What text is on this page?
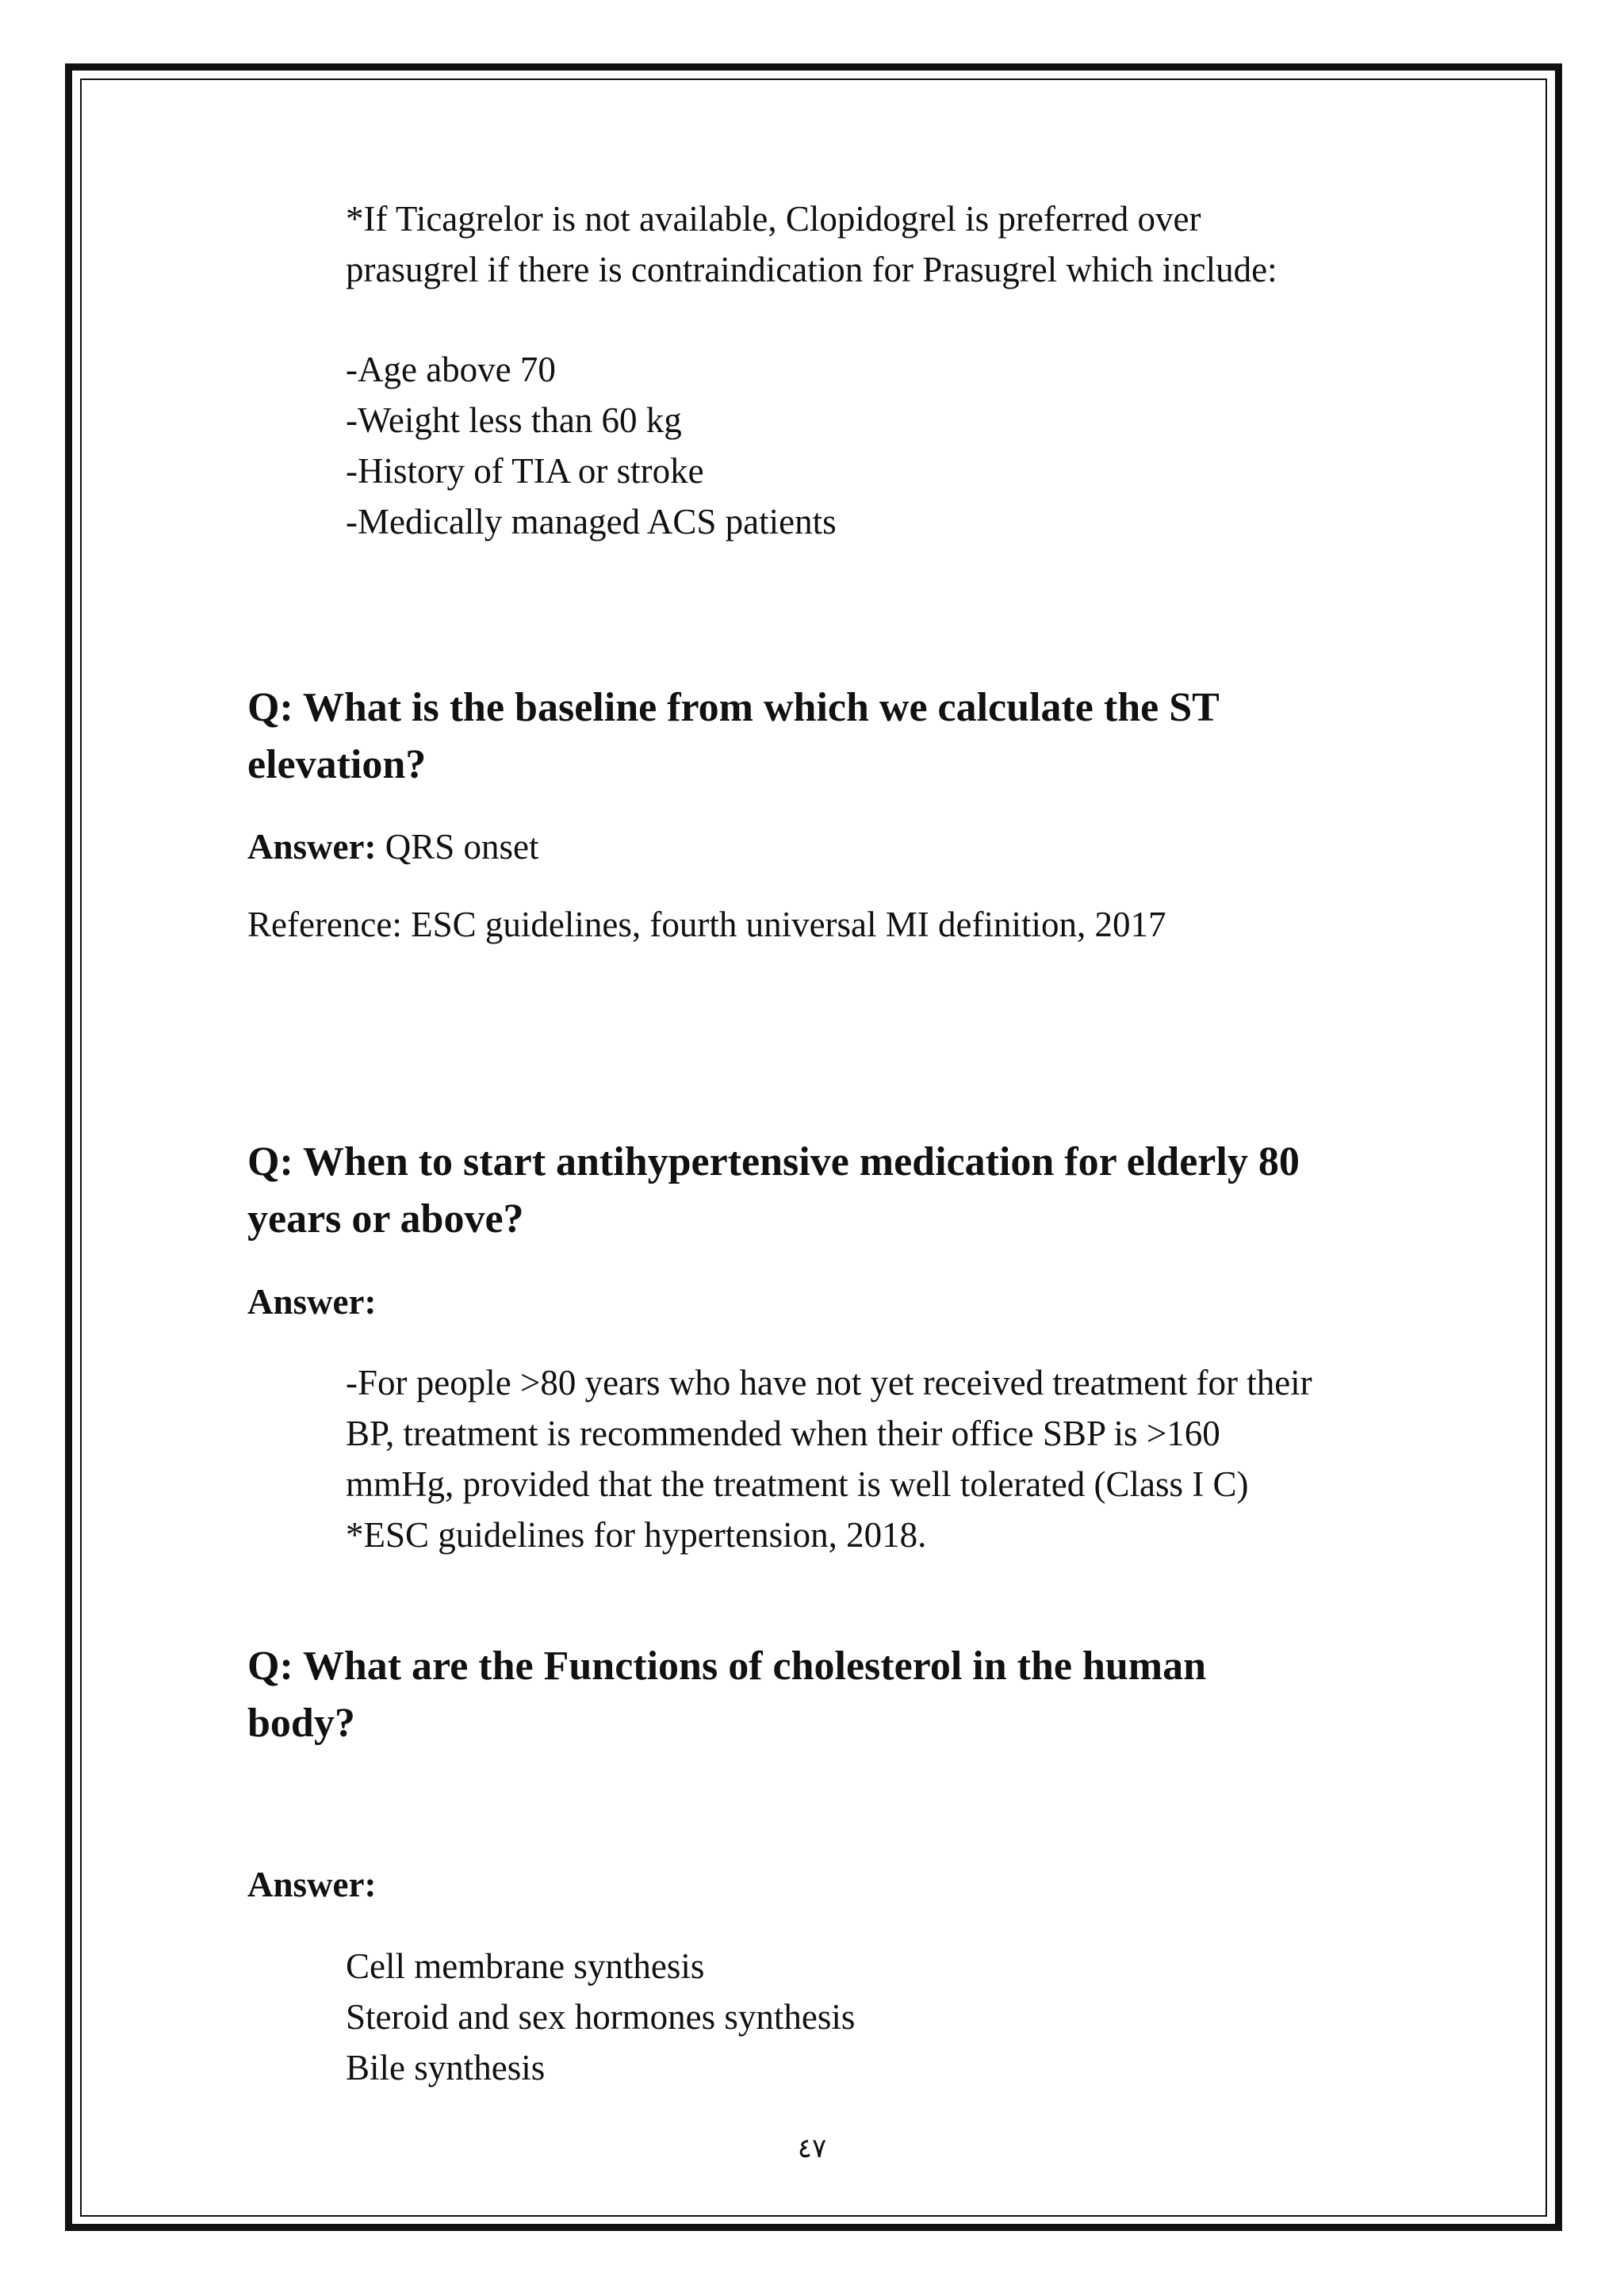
*If Ticagrelor is not available, Clopidogrel is preferred over

prasugrel if there is contraindication for Prasugrel which include:

-Age above 70

-Weight less than 60 kg

-History of TIA or stroke

-Medically managed ACS patients

Q: What is the baseline from which we calculate the ST
elevation?

Answer: QRS onset

Reference: ESC guidelines, fourth universal MI definition, 2017

Q: When to start antihypertensive medication for elderly 80
years or above?

Answer:

-For people >80 years who have not yet received treatment for their

BP, treatment is recommended when their office SBP is >160

mmHg, provided that the treatment is well tolerated (Class I C)

*ESC guidelines for hypertension, 2018.

Q: What are the Functions of cholesterol in the human
body?

Answer:

Cell membrane synthesis

Steroid and sex hormones synthesis

Bile synthesis

٤٧
